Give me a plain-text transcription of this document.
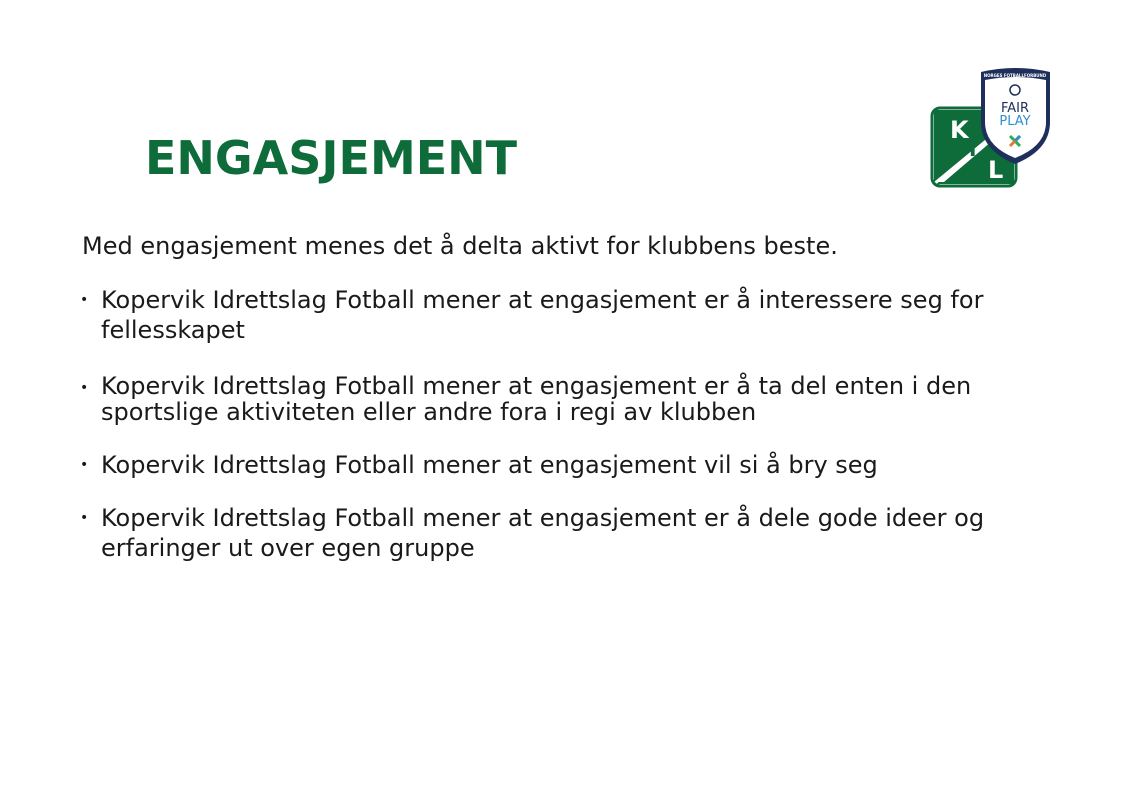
ENGASJEMENT
K
I
L
NORGES FOTBALLFORBUND
FAIR
PLAY
Med engasjement menes det å delta aktivt for klubbens beste.
• Kopervik Idrettslag Fotball mener at engasjement er å interessere seg for fellesskapet
• Kopervik Idrettslag Fotball mener at engasjement er å ta del enten i den sportslige aktiviteten eller andre fora i regi av klubben
• Kopervik Idrettslag Fotball mener at engasjement vil si å bry seg
• Kopervik Idrettslag Fotball mener at engasjement er å dele gode ideer og erfaringer ut over egen gruppe
